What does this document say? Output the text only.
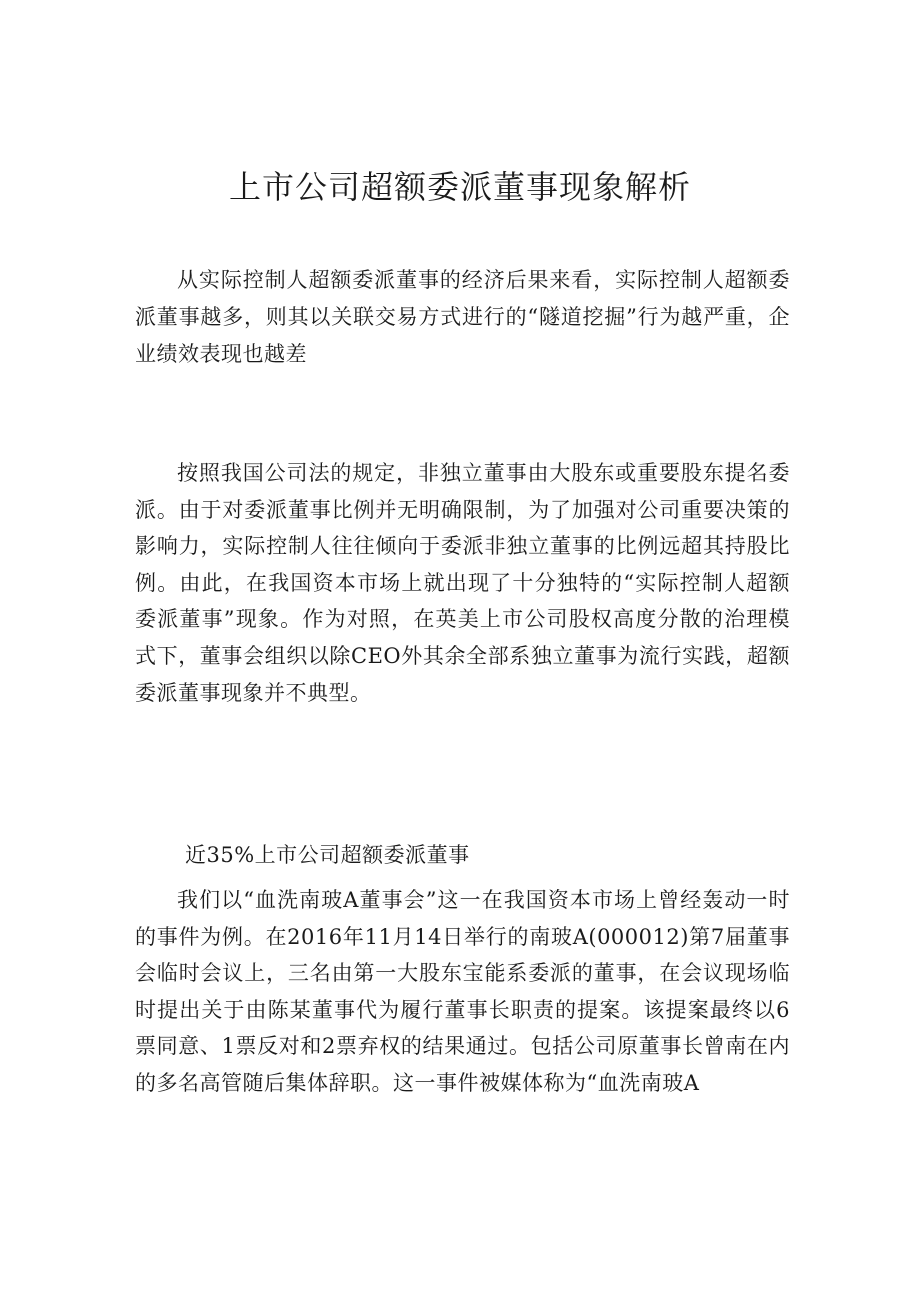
上市公司超额委派董事现象解析

从实际控制人超额委派董事的经济后果来看，实际控制人超额委派董事越多，则其以关联交易方式进行的“隧道挖掘”行为越严重，企业绩效表现也越差

按照我国公司法的规定，非独立董事由大股东或重要股东提名委派。由于对委派董事比例并无明确限制，为了加强对公司重要决策的影响力，实际控制人往往倾向于委派非独立董事的比例远超其持股比例。由此，在我国资本市场上就出现了十分独特的“实际控制人超额委派董事”现象。作为对照，在英美上市公司股权高度分散的治理模式下，董事会组织以除CEO外其余全部系独立董事为流行实践，超额委派董事现象并不典型。

近35%上市公司超额委派董事

我们以“血洗南玻A董事会”这一在我国资本市场上曾经轰动一时的事件为例。在2016年11月14日举行的南玻A(000012)第7届董事会临时会议上，三名由第一大股东宝能系委派的董事，在会议现场临时提出关于由陈某董事代为履行董事长职责的提案。该提案最终以6票同意、1票反对和2票弃权的结果通过。包括公司原董事长曾南在内的多名高管随后集体辞职。这一事件被媒体称为“血洗南玻A
